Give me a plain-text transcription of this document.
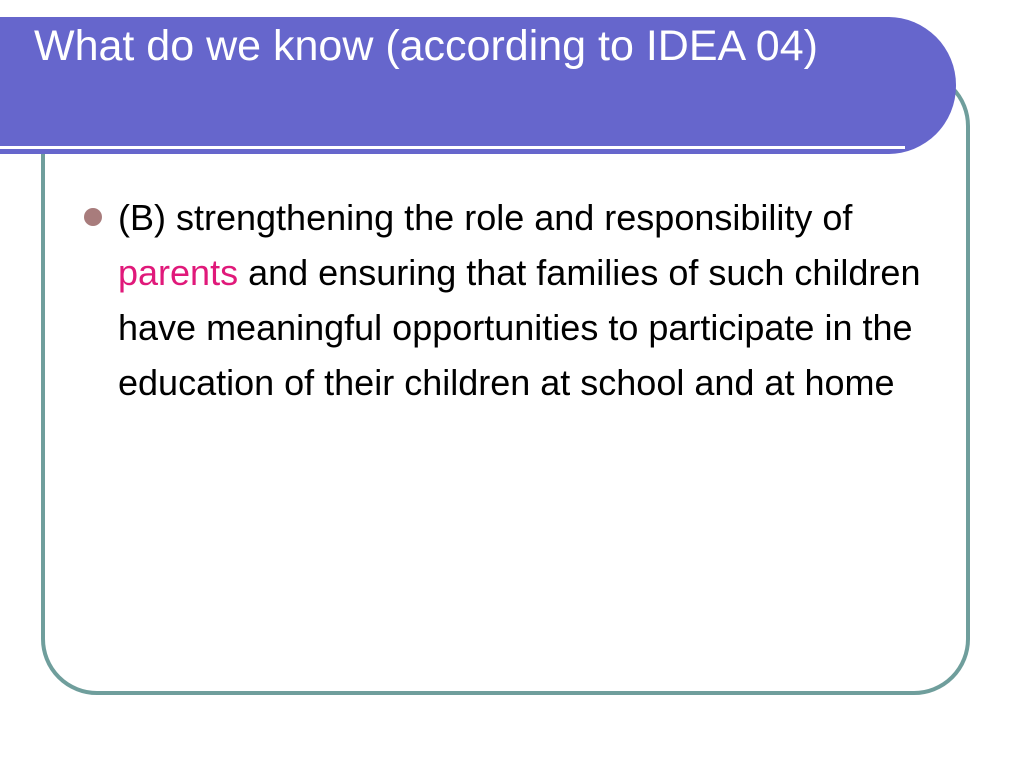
What do we know (according to IDEA 04)
(B) strengthening the role and responsibility of parents and ensuring that families of such children have meaningful opportunities to participate in the education of their children at school and at home
